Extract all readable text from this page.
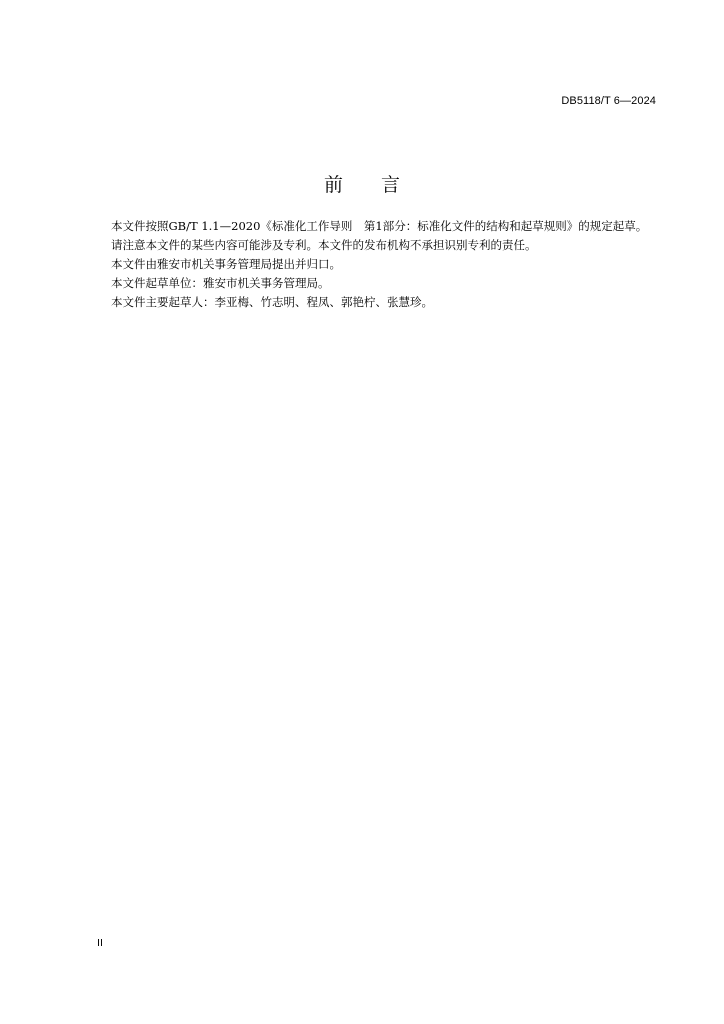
DB5118/T 6—2024
前　　言

本文件按照GB/T 1.1—2020《标准化工作导则　第1部分：标准化文件的结构和起草规则》的规定起草。

请注意本文件的某些内容可能涉及专利。本文件的发布机构不承担识别专利的责任。

本文件由雅安市机关事务管理局提出并归口。

本文件起草单位：雅安市机关事务管理局。

本文件主要起草人：李亚梅、竹志明、程凤、郭艳柠、张慧珍。

II
